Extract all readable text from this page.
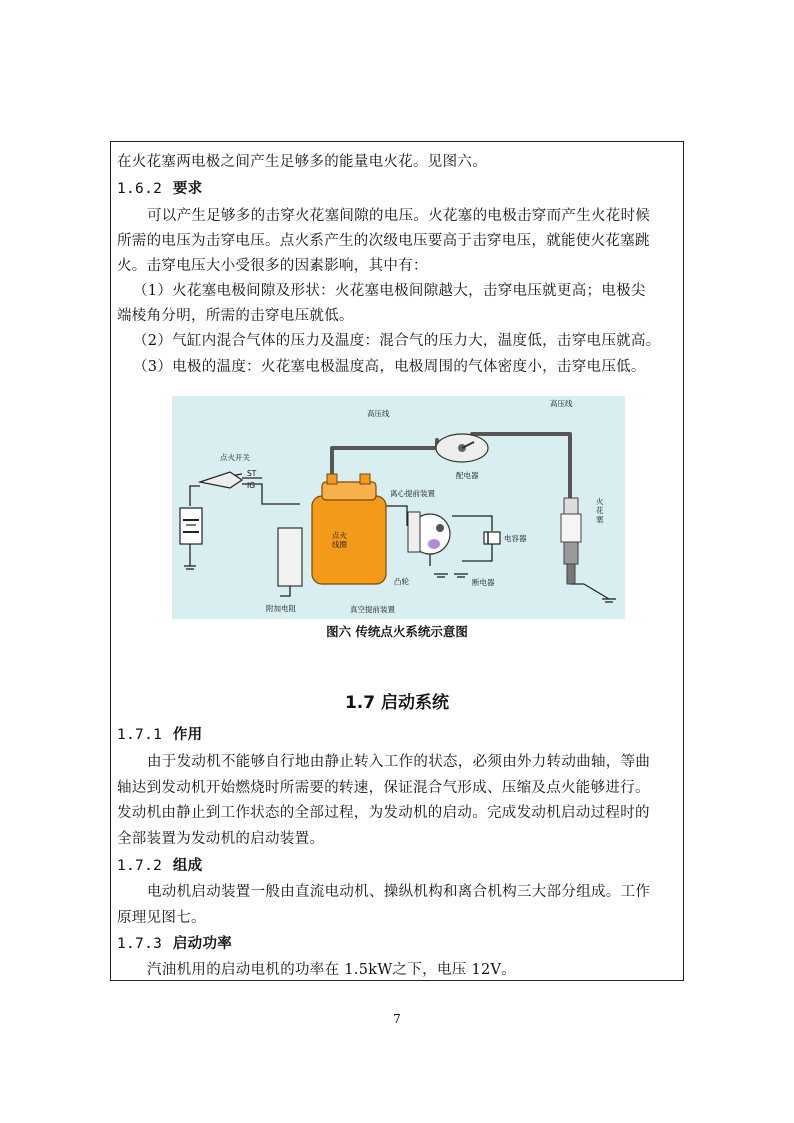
在火花塞两电极之间产生足够多的能量电火花。见图六。
1.6.2 要求
可以产生足够多的击穿火花塞间隙的电压。火花塞的电极击穿而产生火花时候
所需的电压为击穿电压。点火系产生的次级电压要高于击穿电压，就能使火花塞跳
火。击穿电压大小受很多的因素影响，其中有：
（1）火花塞电极间隙及形状：火花塞电极间隙越大，击穿电压就更高；电极尖
端棱角分明，所需的击穿电压就低。
（2）气缸内混合气体的压力及温度：混合气的压力大，温度低，击穿电压就高。
（3）电极的温度：火花塞电极温度高，电极周围的气体密度小，击穿电压低。
高压线
高压线
点火开关
ST
IG
点火 线圈
配电器
离心提前装置
电容器
火 花塞
凸轮	断电器
附加电阻	真空提前装置
图六 传统点火系统示意图
1.7 启动系统
1.7.1 作用
由于发动机不能够自行地由静止转入工作的状态，必须由外力转动曲轴，等曲
轴达到发动机开始燃烧时所需要的转速，保证混合气形成、压缩及点火能够进行。
发动机由静止到工作状态的全部过程，为发动机的启动。完成发动机启动过程时的
全部装置为发动机的启动装置。
1.7.2 组成
电动机启动装置一般由直流电动机、操纵机构和离合机构三大部分组成。工作
原理见图七。
1.7.3 启动功率
汽油机用的启动电机的功率在 1.5kW之下，电压 12V。
7
